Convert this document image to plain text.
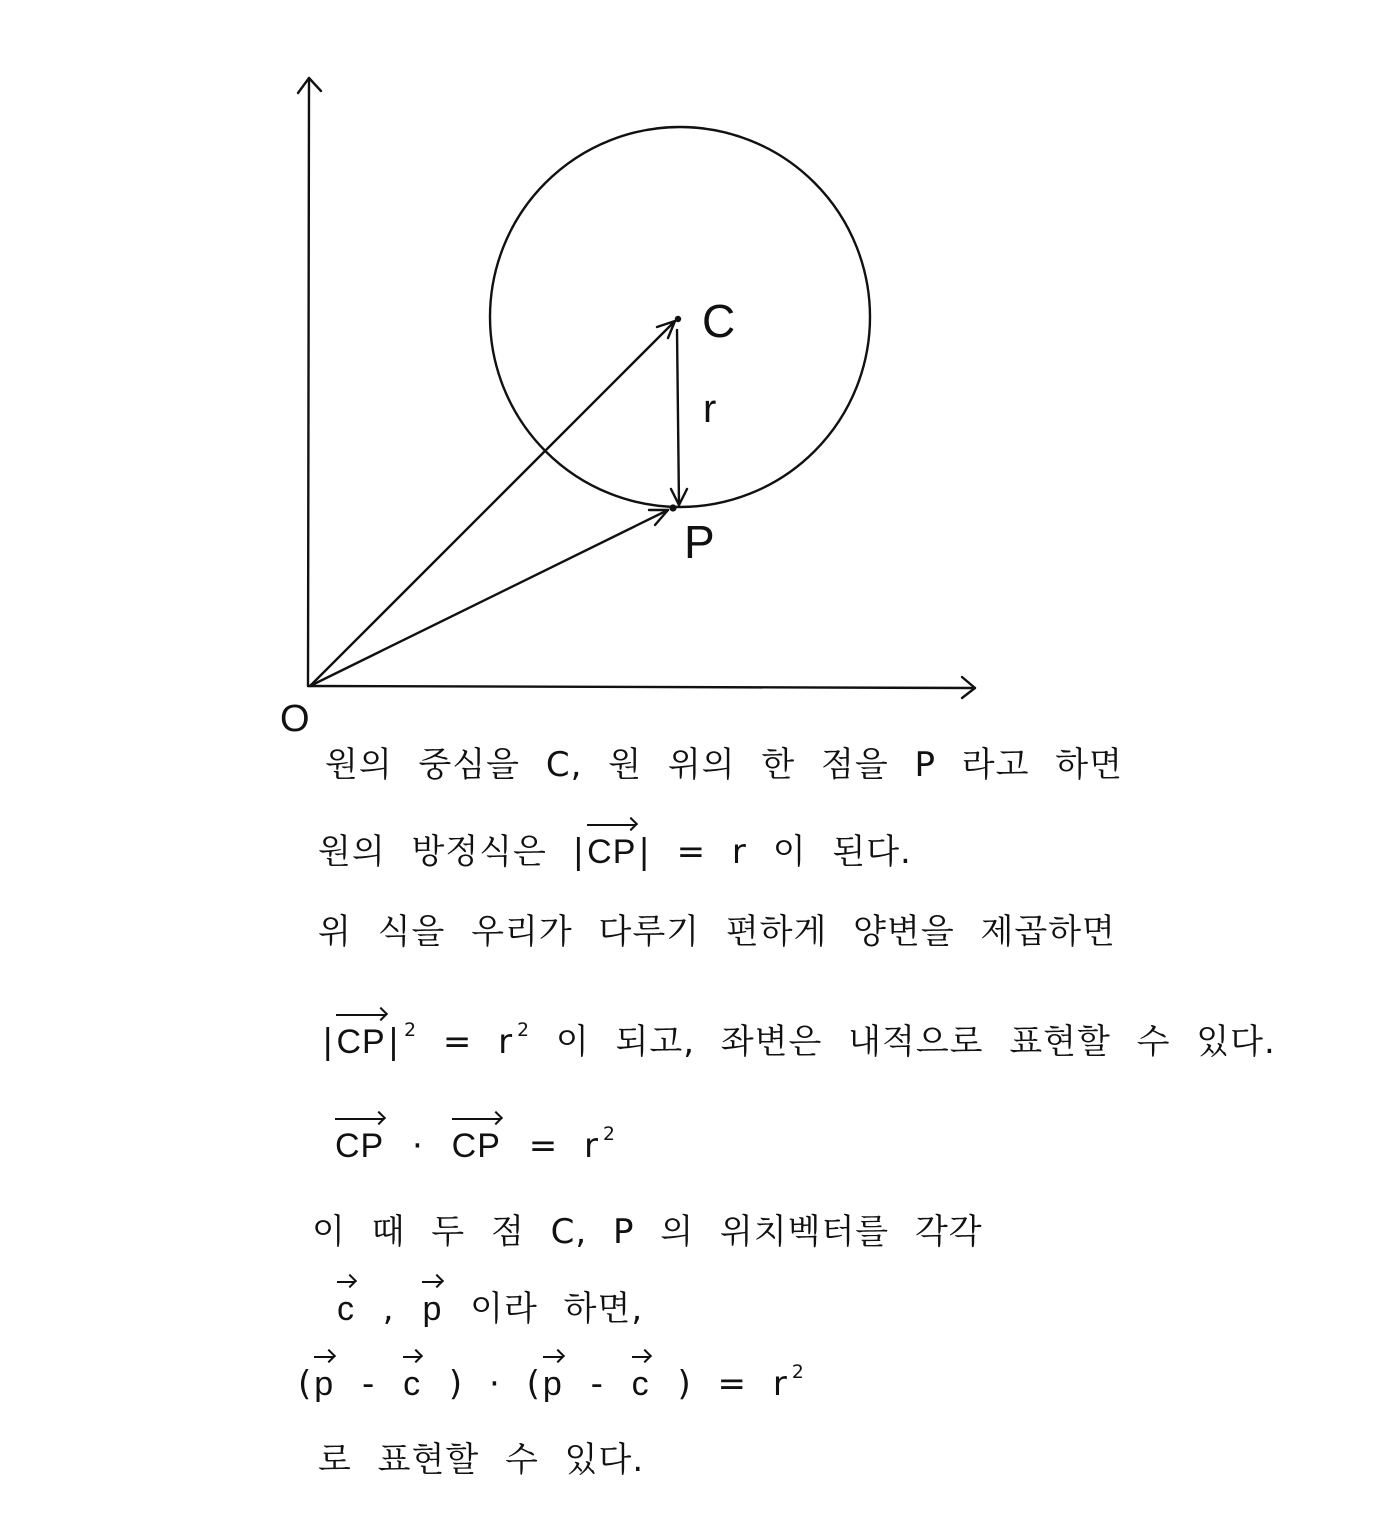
C
r
P
O
원의 중심을 C, 원 위의 한 점을 P 라고 하면
원의 방정식은 |CP| = r 이 된다.
위 식을 우리가 다루기 편하게 양변을 제곱하면
|CP| $^2$ = r $^2$ 이 되고, 좌변은 내적으로 표현할 수 있다.
CP · CP = r $^2$
이 때 두 점 C, P 의 위치벡터를 각각
c , p 이라 하면,
(p - c ) · (p - c ) = r $^2$
로 표현할 수 있다.
